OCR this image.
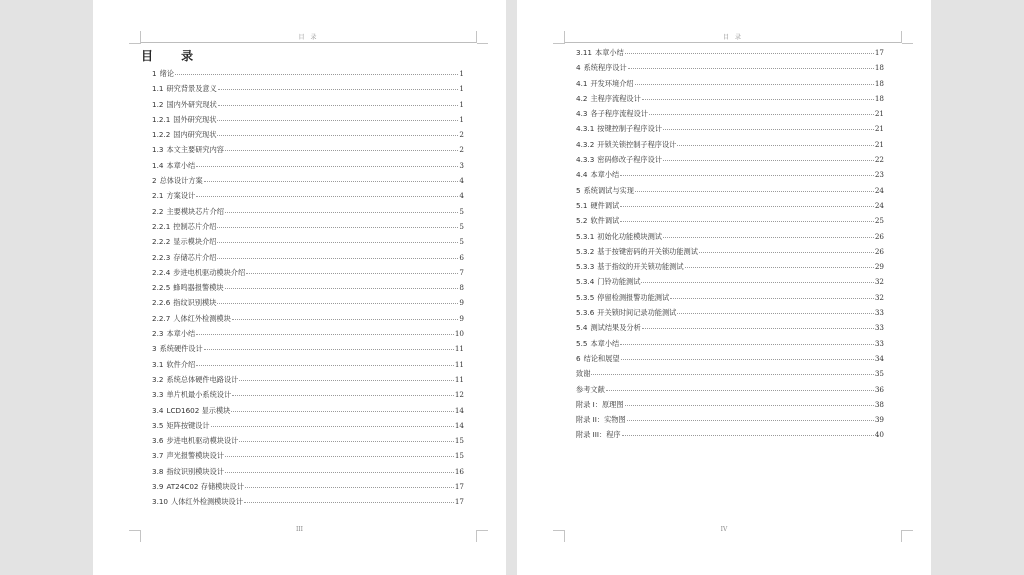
目 录
目 录
1 绪论	1
1.1 研究背景及意义	1
1.2 国内外研究现状	1
1.2.1 国外研究现状	1
1.2.2 国内研究现状	2
1.3 本文主要研究内容	2
1.4 本章小结	3
2 总体设计方案	4
2.1 方案设计	4
2.2 主要模块芯片介绍	5
2.2.1 控制芯片介绍	5
2.2.2 显示模块介绍	5
2.2.3 存储芯片介绍	6
2.2.4 步进电机驱动模块介绍	7
2.2.5 蜂鸣器报警模块	8
2.2.6 指纹识别模块	9
2.2.7 人体红外检测模块	9
2.3 本章小结	10
3 系统硬件设计	11
3.1 软件介绍	11
3.2 系统总体硬件电路设计	11
3.3 单片机最小系统设计	12
3.4 LCD1602 显示模块	14
3.5 矩阵按键设计	14
3.6 步进电机驱动模块设计	15
3.7 声光报警模块设计	15
3.8 指纹识别模块设计	16
3.9 AT24C02 存储模块设计	17
3.10 人体红外检测模块设计	17
III
目 录
3.11 本章小结	17
4 系统程序设计	18
4.1 开发环境介绍	18
4.2 主程序流程设计	18
4.3 各子程序流程设计	21
4.3.1 按键控制子程序设计	21
4.3.2 开锁关锁控制子程序设计	21
4.3.3 密码修改子程序设计	22
4.4 本章小结	23
5 系统调试与实现	24
5.1 硬件调试	24
5.2 软件调试	25
5.3.1 初始化功能模块测试	26
5.3.2 基于按键密码的开关锁功能测试	26
5.3.3 基于指纹的开关锁功能测试	29
5.3.4 门铃功能测试	32
5.3.5 停留检测报警功能测试	32
5.3.6 开关锁时间记录功能测试	33
5.4 测试结果及分析	33
5.5 本章小结	33
6 结论和展望	34
致谢	35
参考文献	36
附录 I：原理图	38
附录 II：实物图	39
附录 III：程序	40
IV
